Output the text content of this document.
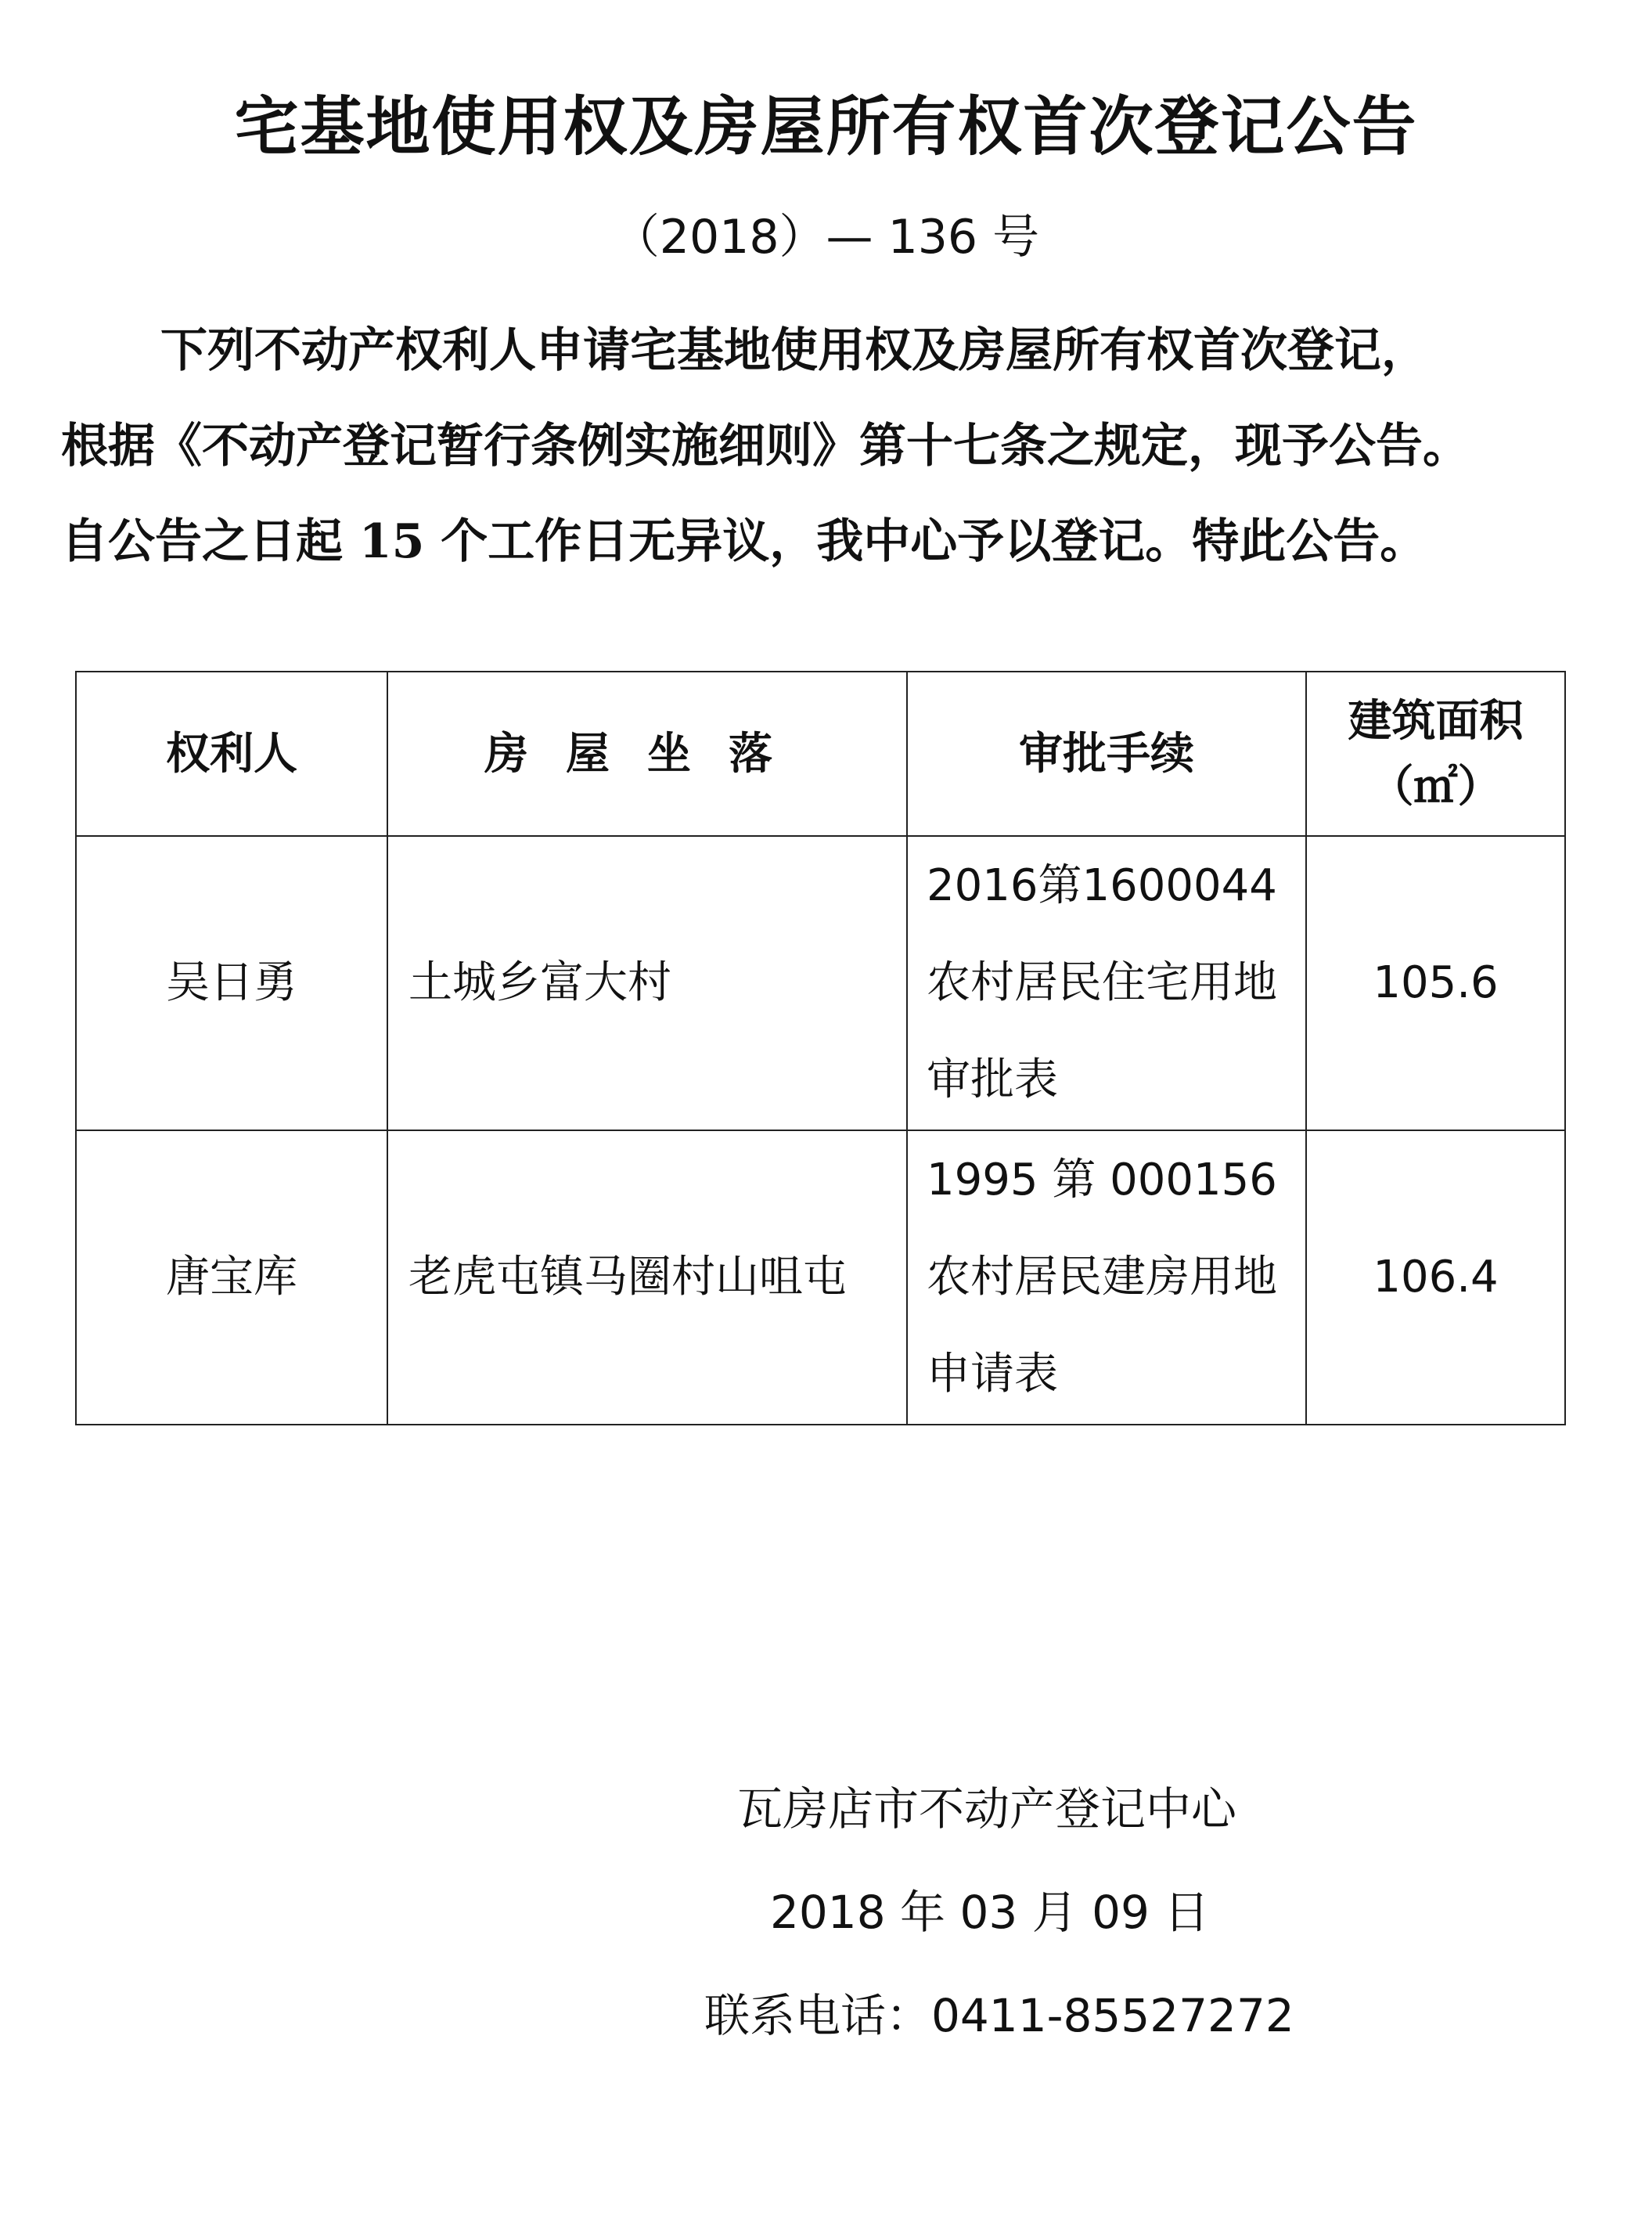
宅基地使用权及房屋所有权首次登记公告
（2018）— 136 号
下列不动产权利人申请宅基地使用权及房屋所有权首次登记，
根据《不动产登记暂行条例实施细则》第十七条之规定，现予公告。
自公告之日起 15 个工作日无异议，我中心予以登记。特此公告。
权利人	房屋坐落	审批手续	建筑面积
（㎡）

吴日勇	土城乡富大村	2016第1600044农村居民住宅用地审批表	105.6
唐宝库	老虎屯镇马圈村山咀屯	1995 第 000156农村居民建房用地申请表	106.4
瓦房店市不动产登记中心
2018 年 03 月 09 日
联系电话：0411-85527272
